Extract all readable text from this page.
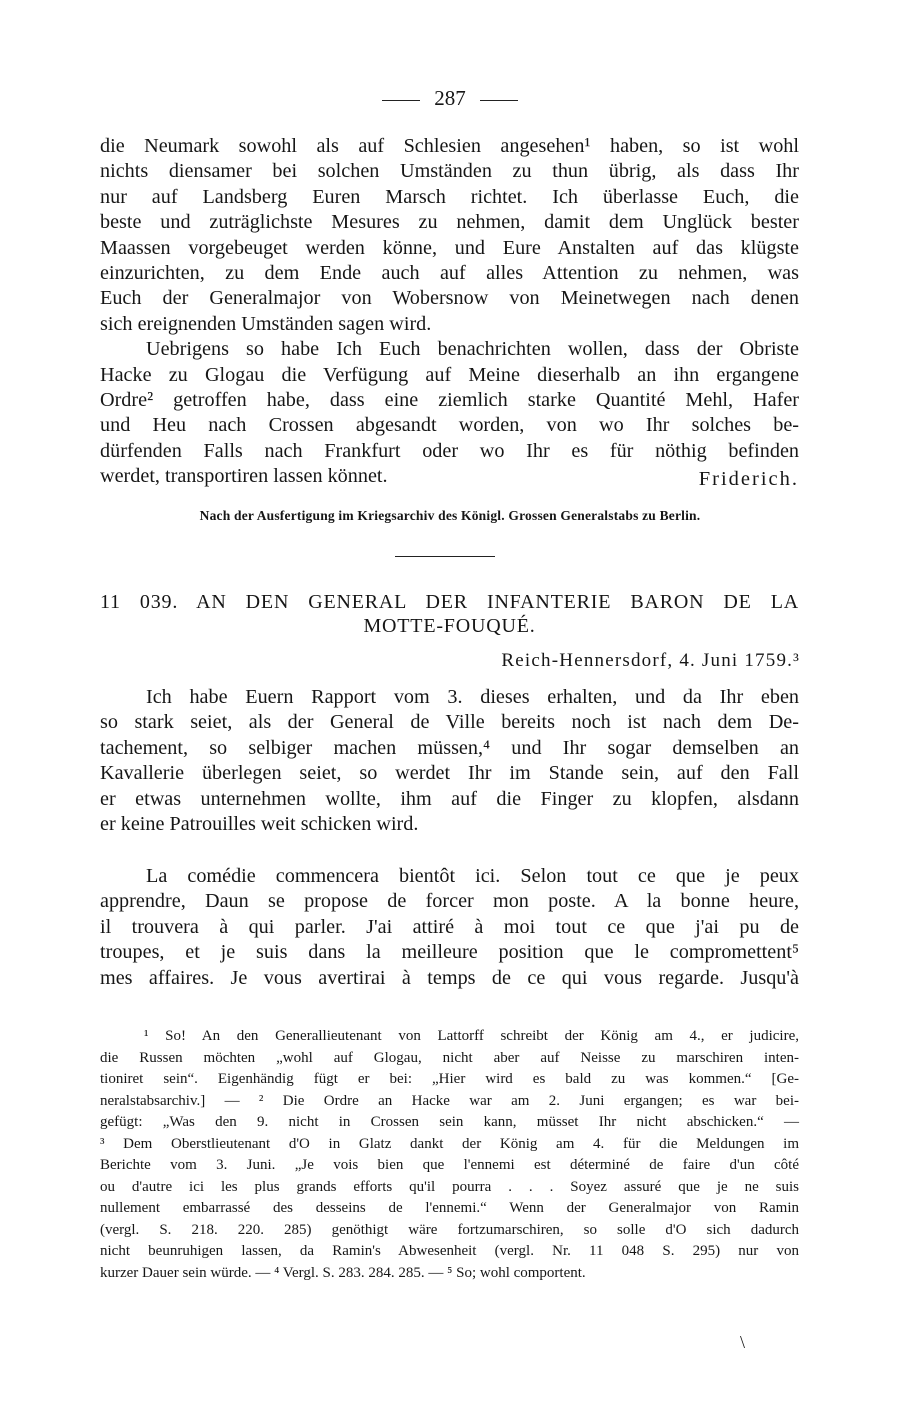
287
die Neumark sowohl als auf Schlesien angesehen¹ haben, so ist wohl
nichts diensamer bei solchen Umständen zu thun übrig, als dass Ihr
nur auf Landsberg Euren Marsch richtet. Ich überlasse Euch, die
beste und zuträglichste Mesures zu nehmen, damit dem Unglück bester
Maassen vorgebeuget werden könne, und Eure Anstalten auf das klügste
einzurichten, zu dem Ende auch auf alles Attention zu nehmen, was
Euch der Generalmajor von Wobersnow von Meinetwegen nach denen
sich ereignenden Umständen sagen wird.
Uebrigens so habe Ich Euch benachrichten wollen, dass der Obriste
Hacke zu Glogau die Verfügung auf Meine dieserhalb an ihn ergangene
Ordre² getroffen habe, dass eine ziemlich starke Quantité Mehl, Hafer
und Heu nach Crossen abgesandt worden, von wo Ihr solches be-
dürfenden Falls nach Frankfurt oder wo Ihr es für nöthig befinden
werdet, transportiren lassen könnet.	Friderich.
Nach der Ausfertigung im Kriegsarchiv des Königl. Grossen Generalstabs zu Berlin.
11 039. AN DEN GENERAL DER INFANTERIE BARON DE LA
MOTTE-FOUQUÉ.
Reich-Hennersdorf, 4. Juni 1759.³
Ich habe Euern Rapport vom 3. dieses erhalten, und da Ihr eben
so stark seiet, als der General de Ville bereits noch ist nach dem De-
tachement, so selbiger machen müssen,⁴ und Ihr sogar demselben an
Kavallerie überlegen seiet, so werdet Ihr im Stande sein, auf den Fall
er etwas unternehmen wollte, ihm auf die Finger zu klopfen, alsdann
er keine Patrouilles weit schicken wird.
La comédie commencera bientôt ici. Selon tout ce que je peux
apprendre, Daun se propose de forcer mon poste. A la bonne heure,
il trouvera à qui parler. J'ai attiré à moi tout ce que j'ai pu de
troupes, et je suis dans la meilleure position que le compromettent⁵
mes affaires. Je vous avertirai à temps de ce qui vous regarde. Jusqu'à
¹ So! An den Generallieutenant von Lattorff schreibt der König am 4., er judicire,
die Russen möchten „wohl auf Glogau, nicht aber auf Neisse zu marschiren inten-
tioniret sein“. Eigenhändig fügt er bei: „Hier wird es bald zu was kommen.“ [Ge-
neralstabsarchiv.] — ² Die Ordre an Hacke war am 2. Juni ergangen; es war bei-
gefügt: „Was den 9. nicht in Crossen sein kann, müsset Ihr nicht abschicken.“ —
³ Dem Oberstlieutenant d'O in Glatz dankt der König am 4. für die Meldungen im
Berichte vom 3. Juni. „Je vois bien que l'ennemi est déterminé de faire d'un côté
ou d'autre ici les plus grands efforts qu'il pourra . . . Soyez assuré que je ne suis
nullement embarrassé des desseins de l'ennemi.“ Wenn der Generalmajor von Ramin
(vergl. S. 218. 220. 285) genöthigt wäre fortzumarschiren, so solle d'O sich dadurch
nicht beunruhigen lassen, da Ramin's Abwesenheit (vergl. Nr. 11 048 S. 295) nur von
kurzer Dauer sein würde. — ⁴ Vergl. S. 283. 284. 285. — ⁵ So; wohl comportent.
\
